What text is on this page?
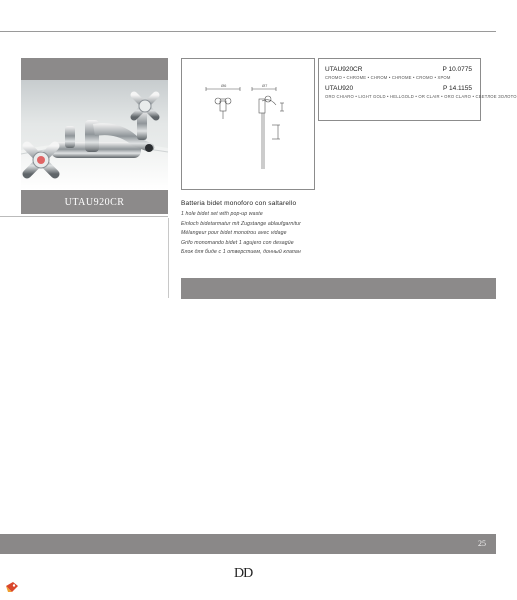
UTAU920CR
Ø6	Ø7
UTAU920CR	P 10.0775
CROMO • CHROME • CHROM • CHROME • CROMO • ХРОМ
UTAU920	P 14.1155
ORO CHIARO • LIGHT GOLD • HELLGOLD • OR CLAIR • ORO CLARO • СВЕТЛОЕ ЗОЛОТО
Batteria bidet monoforo con saltarello
1 hole bidet set with pop-up waste
Einloch bidetarmatur mit Zugstange ablaufgarnitur
Mélangeur pour bidet monotrou avec vidage
Grifo monomando bidet 1 agujero con desagüe
Блок для биде с 1 отверстием, донный клапан
25
DD
